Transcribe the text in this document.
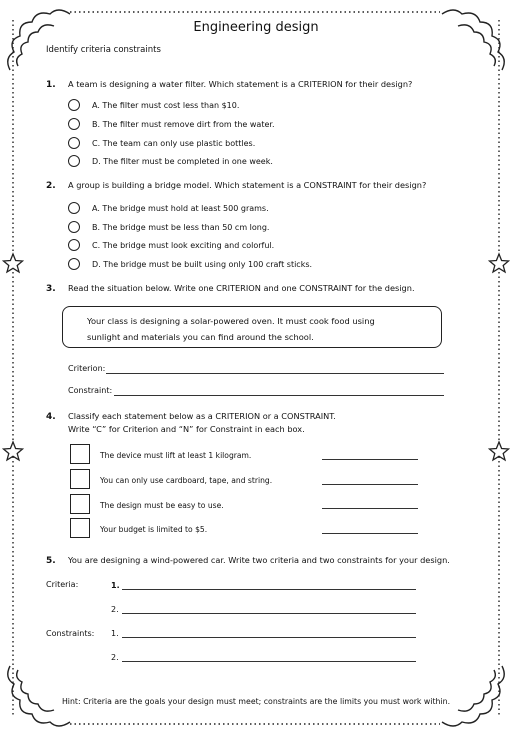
Engineering design
Identify criteria constraints
1. A team is designing a water filter. Which statement is a CRITERION for their design?
A. The filter must cost less than $10.
B. The filter must remove dirt from the water.
C. The team can only use plastic bottles.
D. The filter must be completed in one week.
2. A group is building a bridge model. Which statement is a CONSTRAINT for their design?
A. The bridge must hold at least 500 grams.
B. The bridge must be less than 50 cm long.
C. The bridge must look exciting and colorful.
D. The bridge must be built using only 100 craft sticks.
3. Read the situation below. Write one CRITERION and one CONSTRAINT for the design.
Your class is designing a solar-powered oven. It must cook food using
sunlight and materials you can find around the school.
Criterion:
Constraint:
4. Classify each statement below as a CRITERION or a CONSTRAINT.
Write “C” for Criterion and “N” for Constraint in each box.
The device must lift at least 1 kilogram.
You can only use cardboard, tape, and string.
The design must be easy to use.
Your budget is limited to $5.
5. You are designing a wind-powered car. Write two criteria and two constraints for your design.
Criteria:	1.
2.
Constraints: 1.
2.
Hint: Criteria are the goals your design must meet; constraints are the limits you must work within.
